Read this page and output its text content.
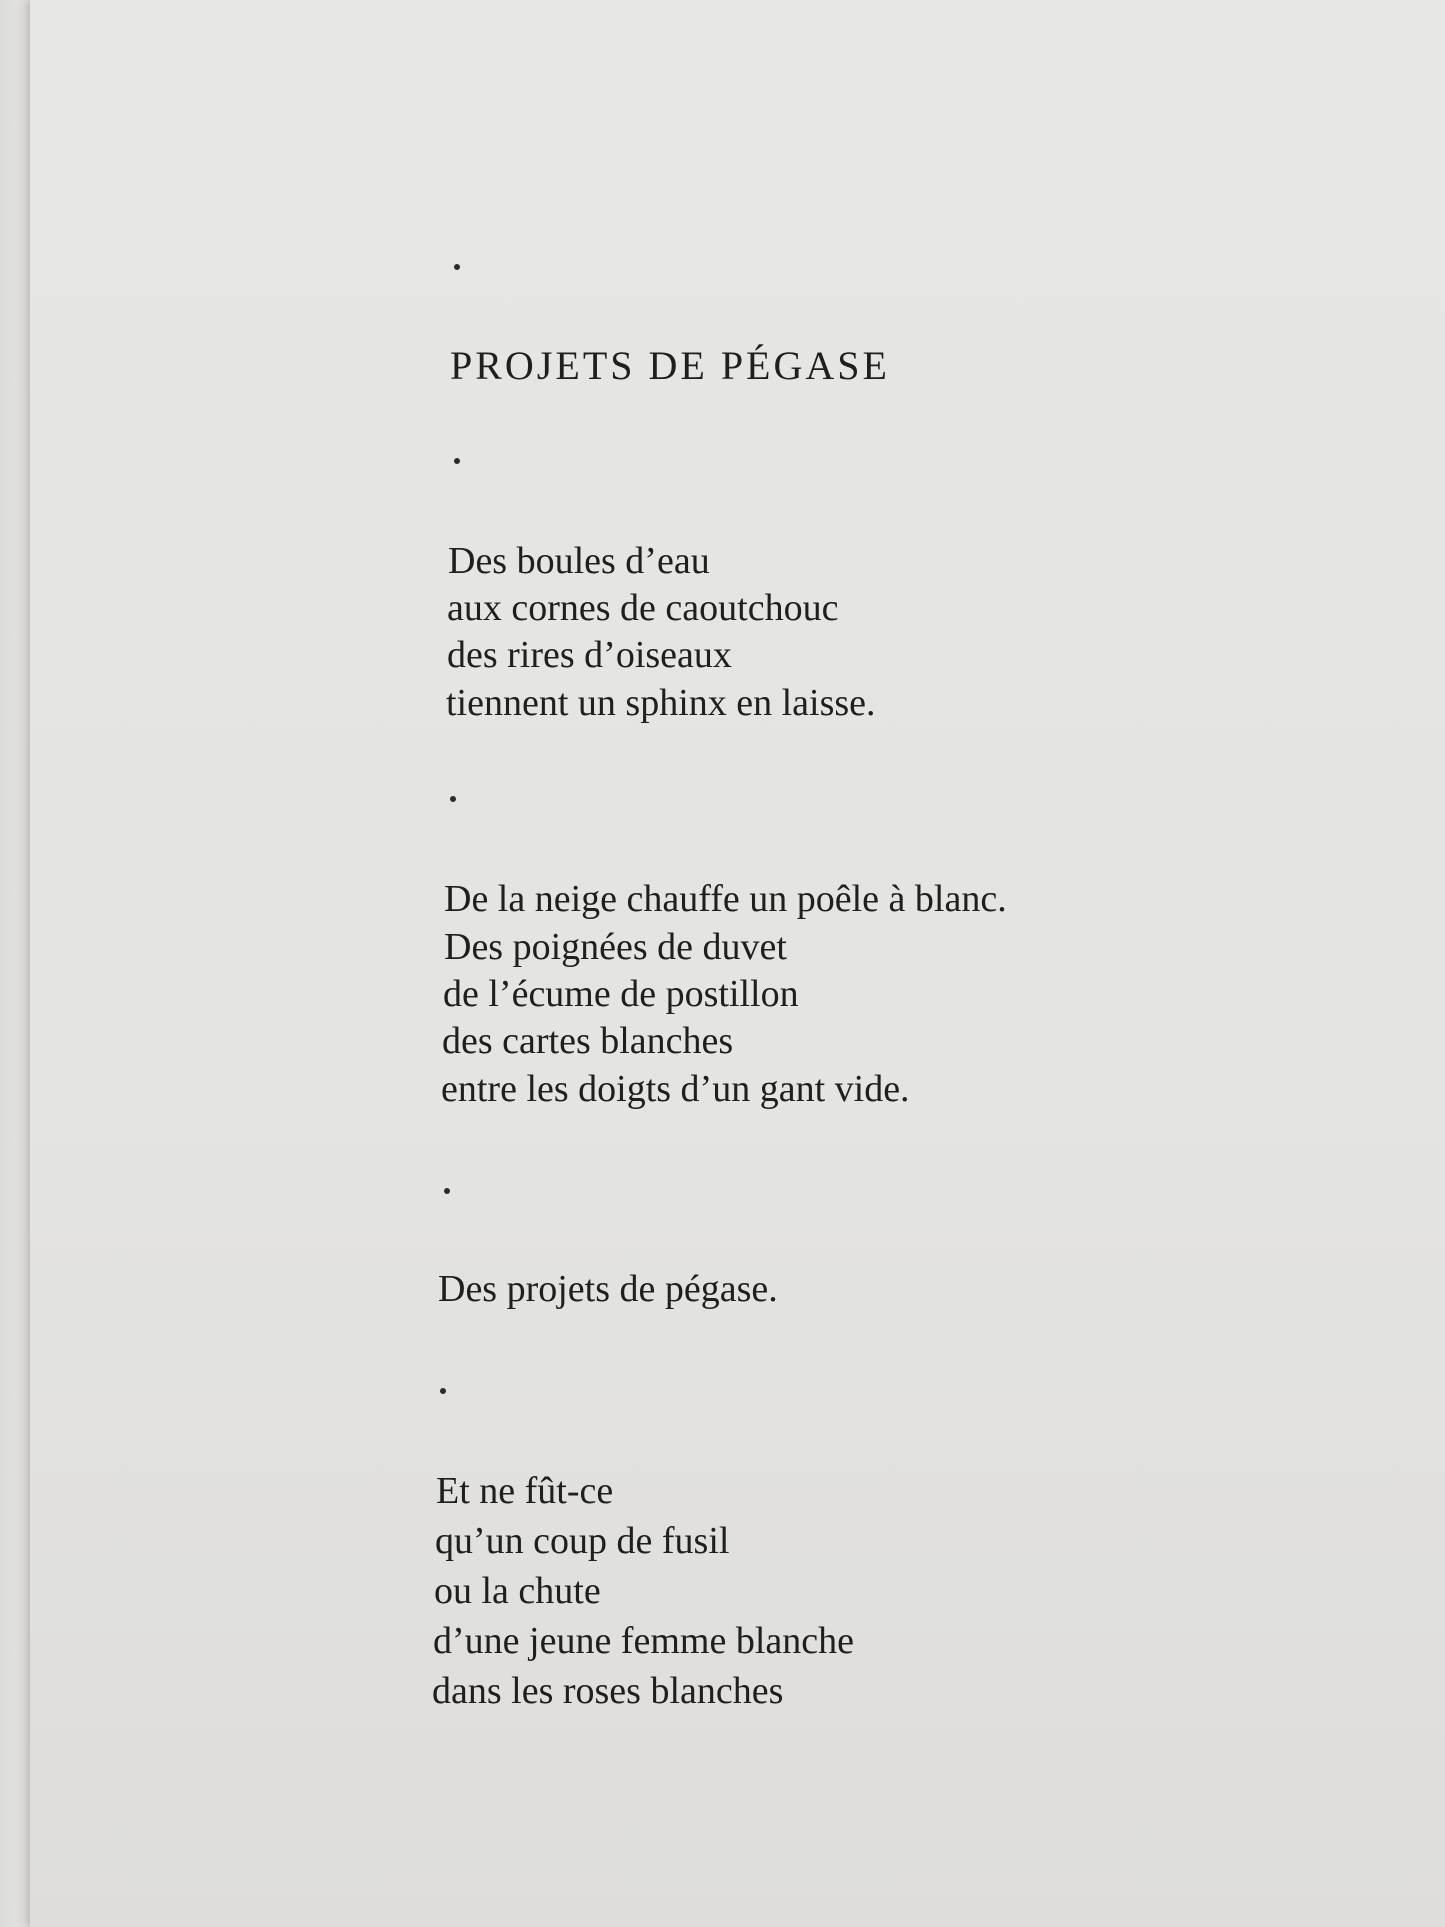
PROJETS DE PÉGASE
Des boules d’eau
aux cornes de caoutchouc
des rires d’oiseaux
tiennent un sphinx en laisse.
De la neige chauffe un poêle à blanc.
Des poignées de duvet
de l’écume de postillon
des cartes blanches
entre les doigts d’un gant vide.
Des projets de pégase.
Et ne fût-ce
qu’un coup de fusil
ou la chute
d’une jeune femme blanche
dans les roses blanches
